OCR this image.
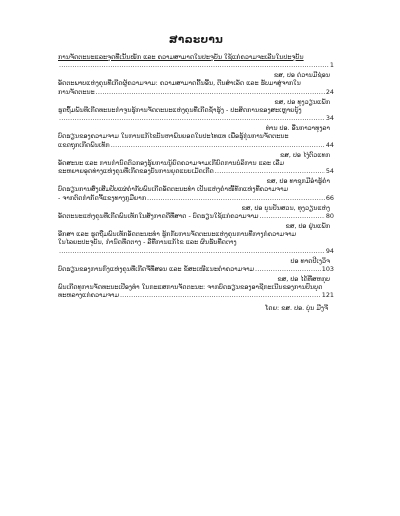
ສາລະບານ
ການຈັດຕະນະແລະຈຸດທີ່ເນັ້ນໜັກ ແລະ ຄວາມສາມາດໃນປະຈຸບັນ ໃຊ້ແກ່ຄວາມຈະເລີນໃນປະຈຸບັນ
.....
1
ຂສ, ປອ ດ່ວານມີຊ່ອນ
ອັດຕະພາບແຫ່ງຄຸນທີ່ເກີດຜູ້ຄວາມຈາມ: ຄວາມສາມາດດີ້ນອີ້ນ, ຕີນສຳເລັດ ແລະ ຮັບມາສູ່ຈາກໃນ
ການຈັດຕະນະ .....	24
ຂສ, ປອ ທຸງວຽນແພັກ
ຮູດຖຶ້ມພັນທີເກີດທະນະກຳຈູນຮູ້ການຈັດຕະນະແຫ່ງຄຸນທີ່ເກີດຊ້ຳຮູ້ງ - ປະສິດການຂອງສະເຫຼາຍບູ້ງ
.....
34
ທ່ານ ປອ. ອີ່ນກາວາທຸງລາ
ບົດຮຽນຂອງຄວາມຈາມ ໃນການແກ້ໄຂບັນຫາພົນຍອດໃນປະໄທແທ ເພື່ອຮູ້ກຸ່ນການຈັດຕະນະ
ແຂດຖຸກເກີດພົນເທັກ .....	44
ຂສ, ປອ ໄງ່ຕົວແທກ
ອັດສະນະ ແລະ ການກຳນົດຕົວກອງຮູ້ຍການນູ້ຍົດຄວາມຈາມເກີຍົດການບໍລິການ ແລະ ເລີ່ມ
ຂະຫຍາຍອຸດທ່າງແຫ່ງຄຸນທີ່ເກີດຂອງບັນການຍຸດແບບເມັດເກີດ .....	54
ຂສ, ປອ ທາຊຸກມີອຳຮູ້ຄຳ
ບົດຮຽນການສົ່ງເສີມປັບແຜ່ຄຳກັບພົນເກີດອັດຕະນະທຳ ເປັນແຫ່ງຄຳໜີ້ທັກແຫ່ງທີ່ຄວາມຈາມ
- ຈາກຕົດກຳກັດຈີ້ແຂງທາງກູມືຍາກ .....	66
ຂສ, ປອ ບຸນປັນສວນ, ທຸງວຽນແຫ່ງ
ອັດຕະນະແຫ່ງຄຸນທີ່ເກີດພົນເທັກໃນສັງກາດດີທີ່ສາດ - ບົດຮຽນໃຊ້ແກ່ຄວາມຈາມ .....	80
ຂສ, ປອ ຢູ່ນແພັກ
ອີກສາ ແລະ ຮູດຖືມພົນເທັກອັດຕະນະທຳ ຮູ້ກກັບການຈັດຕະນະແຫ່ງຄຸນການທີ່ກາງກໍຄວາມຈາມ
ໃນໄລຍະປະຈຸບັນ, ກຳນົດທີ່ດຕາງ - ລືທີ່ການແກ້ໄຂ ແລະ ຜົນຮັບທີ່ດຕາງ
.....
94
ປອ ທາດປີເງວິຈ
ບົດຮຽນຂອງການກົງແຫ່ງຄຸນທີ່ເກີດຈີ່ທີ່ສອນ ແລະ ຂໍ້ສະເໜີແນະຄຳຄວາມຈາມ .....	103
ຂສ, ປອ ໄດ້ທີ່ສຫກຸບ
ພົນເກີດທຸການຈັດທະນະເປືອງທຳ ໃນກະແສການຈັດຕະນະ: ຈາກບົດຮຽນຂອງອາຊີກະເນີນຂອງການປົນບຸດ
ທະຫລາງແກ່ຄວາມຈາມ .....	121
ໂດຍ: ຂສ. ປອ. ບຸ່ນ ມີງຈີ
